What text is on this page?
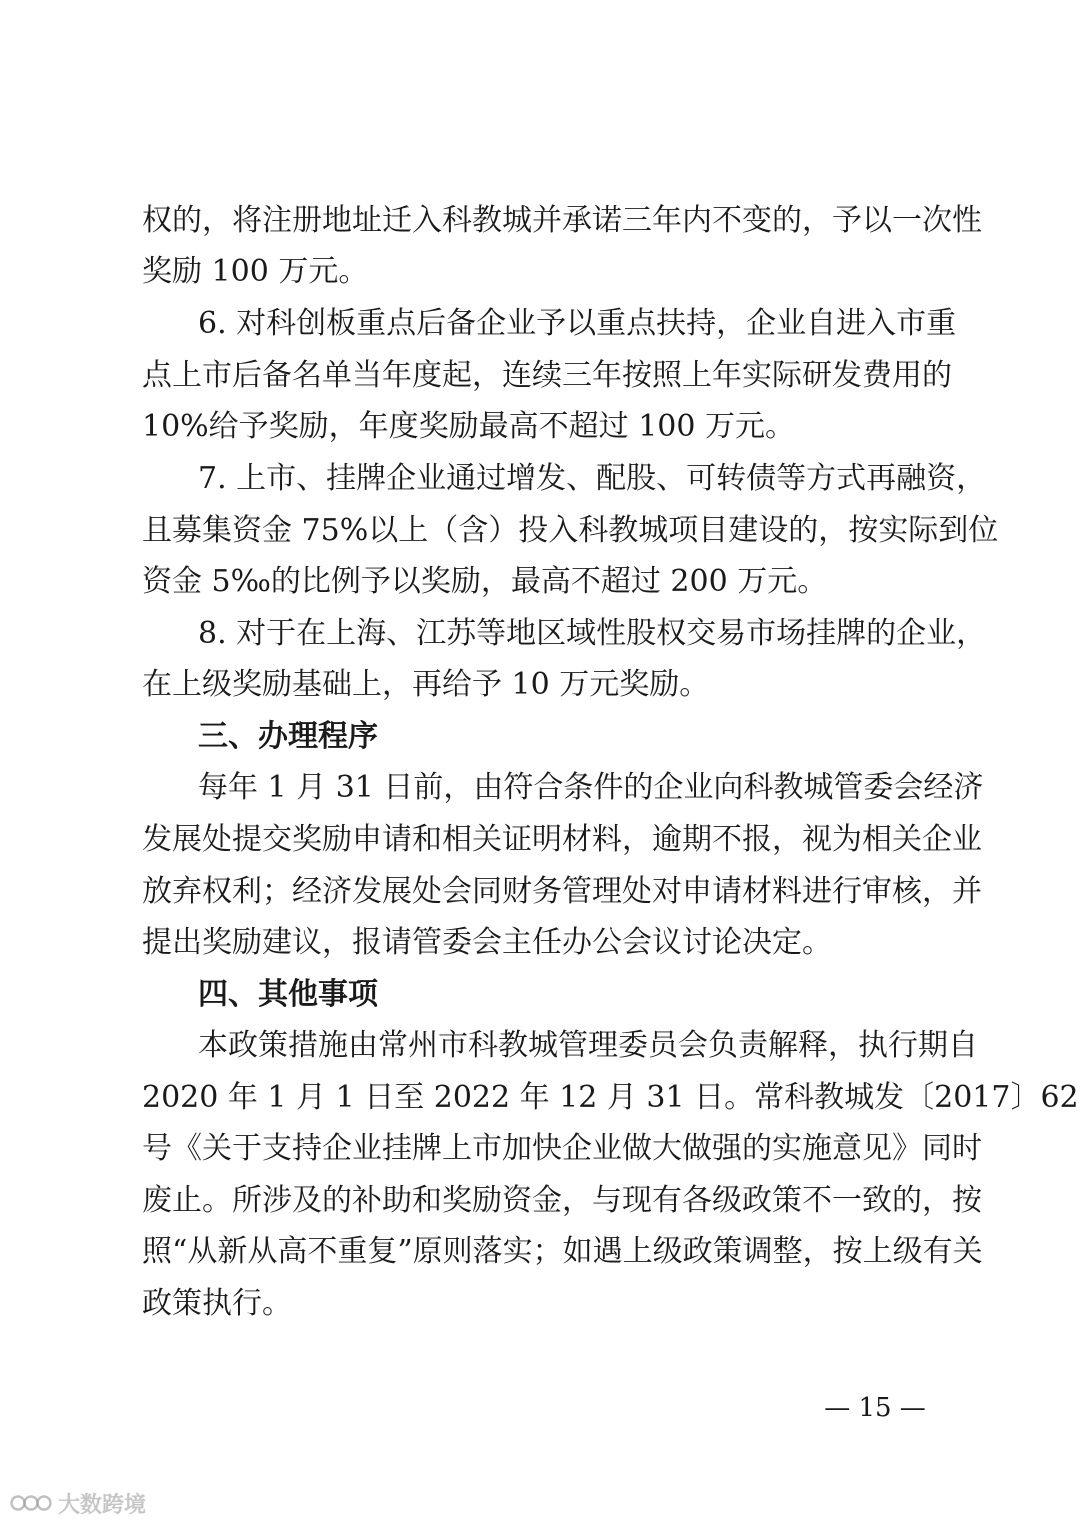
权的，将注册地址迁入科教城并承诺三年内不变的，予以一次性
奖励 100 万元。
6. 对科创板重点后备企业予以重点扶持，企业自进入市重
点上市后备名单当年度起，连续三年按照上年实际研发费用的
10%给予奖励，年度奖励最高不超过 100 万元。
7. 上市、挂牌企业通过增发、配股、可转债等方式再融资，
且募集资金 75%以上（含）投入科教城项目建设的，按实际到位
资金 5‰的比例予以奖励，最高不超过 200 万元。
8. 对于在上海、江苏等地区域性股权交易市场挂牌的企业，
在上级奖励基础上，再给予 10 万元奖励。
三、办理程序
每年 1 月 31 日前，由符合条件的企业向科教城管委会经济
发展处提交奖励申请和相关证明材料，逾期不报，视为相关企业
放弃权利；经济发展处会同财务管理处对申请材料进行审核，并
提出奖励建议，报请管委会主任办公会议讨论决定。
四、其他事项
本政策措施由常州市科教城管理委员会负责解释，执行期自
2020 年 1 月 1 日至 2022 年 12 月 31 日。常科教城发〔2017〕62
号《关于支持企业挂牌上市加快企业做大做强的实施意见》同时
废止。所涉及的补助和奖励资金，与现有各级政策不一致的，按
照“从新从高不重复”原则落实；如遇上级政策调整，按上级有关
政策执行。
— 15 —
大数跨境
